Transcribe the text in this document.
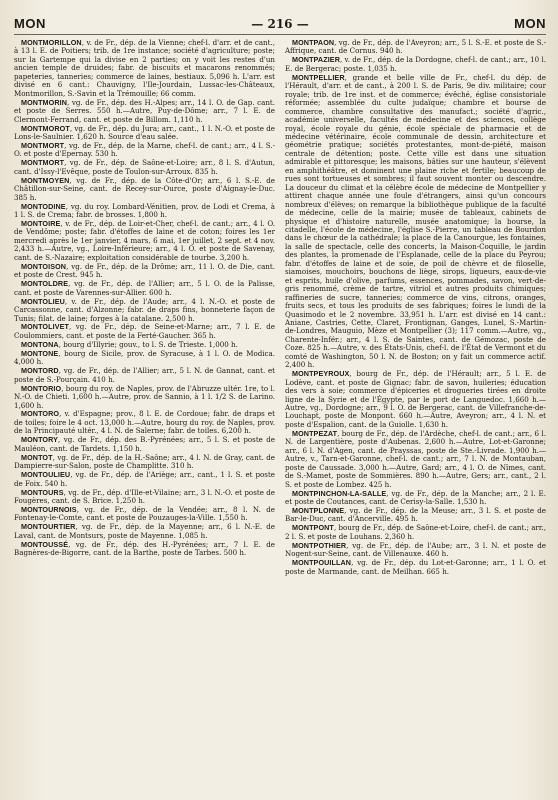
MON	— 216 —	MON

MONTMORILLON, v. de Fr., dép. de la Vienne; chef-l. d'arr. et de cant., à 13 l. E. de Poitiers; trib. de 1re instance; société d'agriculture; poste; sur la Gartempe qui la divise en 2 parties; on y voit les restes d'un ancien temple de druides; fabr. de biscuits et macarons renommés; papeteries, tanneries; commerce de laines, bestiaux. 5,096 h. L'arr. est divisé en 6 cant.: Chauvigny, l'Ile-Jourdain, Lussac-les-Châteaux, Montmorillon, S.-Savin et la Trémouille; 66 comm.

MONTMORIN, vg. de Fr., dép. des H.-Alpes; arr., 14 l. O. de Gap. cant. et poste de Serres. 550 h.—Autre, Puy-de-Dôme; arr., 7 l. E. de Clermont-Ferrand, cant. et poste de Billom. 1,110 h.

MONTMOROT, vg. de Fr., dép. du Jura; arr., cant., 1 l. N.-O. et poste de Lons-le-Saulnier. 1,620 h. Source d'eau salée.

MONTMORT, vg. de Fr., dép. de la Marne, chef-l. de cant.; arr., 4 l. S.-O. et poste d'Epernay. 530 h.

MONTMORT, vg. de Fr., dép. de Saône-et-Loire; arr., 8 l. S. d'Autun, cant. d'Issy-l'Evêque, poste de Toulon-sur-Arroux. 835 h.

MONTMOYEN, vg. de Fr., dép. de la Côte-d'Or; arr., 6 l. S.-E. de Châtillon-sur-Seine, cant. de Recey-sur-Ource, poste d'Aignay-le-Duc. 385 h.

MONTODINE, vg. du roy. Lombard-Vénitien, prov. de Lodi et Crema, à 1 l. S. de Crema; fabr. de brosses. 1,800 h.

MONTOIRE, v. de Fr., dép. de Loir-et-Cher, chef-l. de cant.; arr., 4 l. O. de Vendôme; poste; fabr. d'étoffes de laine et de coton; foires les 1er mercredi après le 1er janvier, 4 mars, 6 mai, 1er juillet, 2 sept. et 4 nov. 2,433 h.—Autre, vg., Loire-Inférieure; arr., 4 l. O. et poste de Savenay, cant. de S.-Nazaire; exploitation considérable de tourbe. 3,200 h.

MONTOISON, vg. de Fr., dép. de la Drôme; arr., 11 l. O. de Die, cant. et poste de Crest. 945 h.

MONTOLDRE, vg. de Fr., dép. de l'Allier; arr., 5 l. O. de la Palisse, cant. et poste de Varennes-sur-Allier. 600 h.

MONTOLIEU, v. de Fr., dép. de l'Aude; arr., 4 l. N.-O. et poste de Carcassonne, cant. d'Alzonne; fabr. de draps fins, bonneterie façon de Tunis; filat. de laine; forges à la catalane. 2,500 h.

MONTOLIVET, vg. de Fr., dép. de Seine-et-Marne; arr., 7 l. E. de Coulommiers, cant. et poste de la Ferté-Gaucher. 365 h.

MONTONA, bourg d'Illyrie; gouv., to l. S. de Trieste. 1,000 h.

MONTONE, bourg de Sicile, prov. de Syracuse, à 1 l. O. de Modica. 4,000 h.

MONTORD, vg. de Fr., dép. de l'Allier; arr., 5 l. N. de Gannat, cant. et poste de S.-Pourçain. 410 h.

MONTORIO, bourg du roy. de Naples, prov. de l'Abruzze ultér. 1re, to l. N.-O. de Chieti. 1,600 h.—Autre, prov. de Sannio, à 1 l. 1/2 S. de Larino. 1,600 h.

MONTORO, v. d'Espagne; prov., 8 l. E. de Cordoue; fabr. de draps et de toiles; foire le 4 oct. 13,000 h.—Autre, bourg du roy. de Naples, prov. de la Principauté ultér., 4 l. N. de Salerne; fabr. de toiles. 6,200 h.

MONTORY, vg. de Fr., dép. des B.-Pyrénées; arr., 5 l. S. et poste de Mauléon, cant. de Tardets. 1,150 h.

MONTOT, vg. de Fr., dép. de la H.-Saône; arr., 4 l. N. de Gray, cant. de Dampierre-sur-Salon, poste de Champlitte. 310 h.

MONTOULIEU, vg. de Fr., dép. de l'Ariège; arr., cant., 1 l. S. et poste de Foix. 540 h.

MONTOURS, vg. de Fr., dép. d'Ille-et-Vilaine; arr., 3 l. N.-O. et poste de Fougères, cant. de S. Brice. 1,250 h.

MONTOURNOIS, vg. de Fr., dép. de la Vendée; arr., 8 l. N. de Fontenay-le-Comte, cant. et poste de Pouzauges-la-Ville. 1,550 h.

MONTOURTIER, vg. de Fr., dép. de la Mayenne; arr., 6 l. N.-E. de Laval, cant. de Montsurs, poste de Mayenne. 1,085 h.

MONTOUSSÉ, vg. de Fr., dép. des H.-Pyrénées; arr., 7 l. E. de Bagnères-de-Bigorre, cant. de la Barthe, poste de Tarbes. 500 h.

MONTPAON, vg. de Fr., dép. de l'Aveyron; arr., 5 l. S.-E. et poste de S.-Affrique, cant. de Cornus. 940 h.

MONTPAZIER, v. de Fr., dép. de la Dordogne, chef-l. de cant.; arr., 10 l. E. de Bergerac; poste. 1,035 h.

MONTPELLIER, grande et belle ville de Fr., chef-l. du dép. de l'Hérault, d'arr. et de cant., à 200 l. S. de Paris, 9e div. militaire; cour royale; trib. de 1re inst. et de commerce; évêché, église consistoriale réformée; assemblée du culte judaïque; chambre et bourse de commerce, chambre consultative des manufact.; société d'agric., académie universelle, facultés de médecine et des sciences, collège royal, école royale du génie, école spéciale de pharmacie et de médecine vétérinaire, école communale de dessin, architecture et géométrie pratique; sociétés protestantes, mont-de-piété, maison centrale de détention; poste. Cette ville est dans une situation admirable et pittoresque; les maisons, bâties sur une hauteur, s'élèvent en amphithéâtre, et dominent une plaine riche et fertile; beaucoup de rues sont tortueuses et sombres; il faut souvent monter ou descendre. La douceur du climat et la célèbre école de médecine de Montpellier y attirent chaque année une foule d'étrangers, ainsi qu'un concours nombreux d'élèves; on remarque la bibliothèque publique de la faculté de médecine, celle de la mairie; musée de tableaux, cabinets de physique et d'histoire naturelle, musée anatomique; la bourse, la citadelle, l'école de médecine, l'église S.-Pierre, un tableau de Bourdon dans le chœur de la cathédrale; la place de la Canourgue, les fontaines, la salle de spectacle, celle des concerts, la Maison-Coquille, le jardin des plantes, la promenade de l'Esplanade, celle de la place du Peyrou; fabr. d'étoffes de laine et de soie, de poil de chèvre et de filoselle, siamoises, mouchoirs, bouchons de liège, sirops, liqueurs, eaux-de-vie et esprits, huile d'olive, parfums, essences, pommades, savon, vert-de-gris renommé, crème de tartre, vitriol et autres produits chimiques; raffineries de sucre, tanneries; commerce de vins, citrons, oranges, fruits secs, et tous les produits de ses fabriques; foires le lundi de la Quasimodo et le 2 novembre. 33,951 h. L'arr. est divisé en 14 cant.: Aniane, Castries, Cette, Claret, Frontignan, Ganges, Lunel, S.-Martin-de-Londres, Mauguio, Mèze et Montpellier (3); 117 comm.—Autre, vg., Charente-Infér.; arr., 4 l. S. de Saintes, cant. de Gémozac, poste de Coze. 825 h.—Autre, v. des États-Unis, chef-l. de l'État de Vermont et du comté de Washington, 50 l. N. de Boston; on y fait un commerce actif. 2,400 h.

MONTPEYROUX, bourg de Fr., dép. de l'Hérault; arr., 5 l. E. de Lodève, cant. et poste de Gignac; fabr. de savon, huileries; éducation des vers à soie; commerce d'épiceries et drogueries tirées en droite ligne de la Syrie et de l'Égypte, par le port de Languedoc. 1,660 h.—Autre, vg., Dordogne; arr., 9 l. O. de Bergerac, cant. de Villefranche-de-Louchapt, poste de Monpont. 660 h.—Autre, Aveyron; arr., 4 l. N. et poste d'Espalion, cant. de la Guiolle. 1,630 h.

MONTPEZAT, bourg de Fr., dép. de l'Ardèche, chef-l. de cant.; arr., 6 l. N. de Largentière, poste d'Aubenas. 2,600 h.—Autre, Lot-et-Garonne; arr., 6 l. N. d'Agen, cant. de Prayssas, poste de Ste.-Livrade. 1,900 h.—Autre, v., Tarn-et-Garonne, chef-l. de cant.; arr., 7 l. N. de Montauban, poste de Caussade. 3,000 h.—Autre, Gard; arr., 4 l. O. de Nîmes, cant. de S.-Mamet, poste de Sommières. 890 h.—Autre, Gers; arr., cant., 2 l. S. et poste de Lombez. 425 h.

MONTPINCHON-LA-SALLE, vg. de Fr., dép. de la Manche; arr., 2 l. E. et poste de Coutances, cant. de Cerisy-la-Salle. 1,530 h.

MONTPLONNE, vg. de Fr., dép. de la Meuse; arr., 3 l. S. et poste de Bar-le-Duc, cant. d'Ancerville. 495 h.

MONTPONT, bourg de Fr., dép. de Saône-et-Loire, chef-l. de cant.; arr., 2 l. S. et poste de Louhans. 2,360 h.

MONTPOTHIER, vg. de Fr., dép. de l'Aube; arr., 3 l. N. et poste de Nogent-sur-Seine, cant. de Villenauxe. 460 h.

MONTPOUILLAN, vg. de Fr., dép. du Lot-et-Garonne; arr., 1 l. O. et poste de Marmande, cant. de Meilhan. 665 h.
